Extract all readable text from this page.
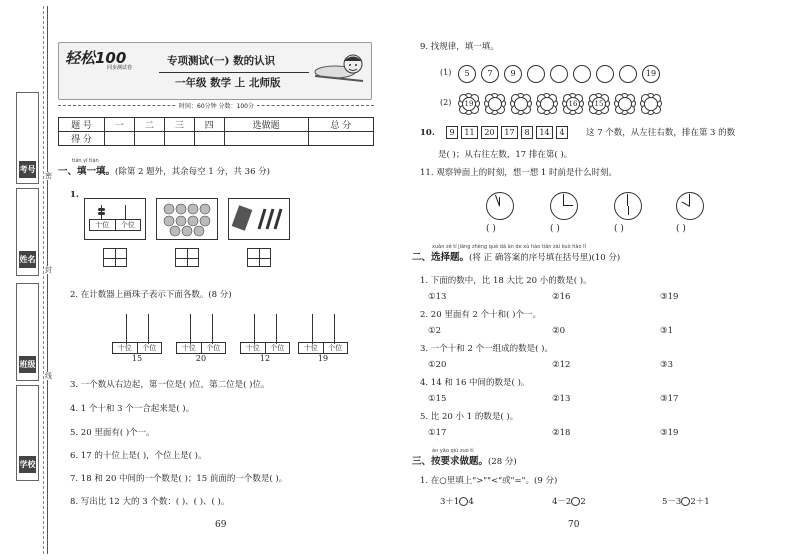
考号
姓名
班级
学校
密
封
线
轻松100
同步测试卷
专项测试(一) 数的认识
一年级 数学 上 北师版
时间：60分钟 分数：100分
题 号	一	二	三	四	选做题	总 分
得 分						
tián yī tián
一、填一填。(除第 2 题外，其余每空 1 分，共 36 分)
1.
十位	个位
2. 在计数器上画珠子表示下面各数。(8 分)
十位	个位
15
十位	个位
20
十位	个位
12
十位	个位
19
3. 一个数从右边起，第一位是( )位，第二位是( )位。
4. 1 个十和 3 个一合起来是( )。
5. 20 里面有( )个一。
6. 17 的十位上是( )，个位上是( )。
7. 18 和 20 中间的一个数是( )；15 前面的一个数是( )。
8. 写出比 12 大的 3 个数：( )、( )、( )。
69
9. 找规律，填一填。
(1)	5	7	9	19
(2)	19	16	15
10.	9	11	20	17	8	14	4	这 7 个数，从左往右数，排在第 3 的数
是( )；从右往左数，17 排在第( )。
11. 观察钟面上的时刻，想一想 1 时前是什么时刻。
( )	( )	( )	( )
xuǎn zé tí jiāng zhèng què dá àn de xù hào tián zài kuò hào lǐ
二、选择题。(将 正 确答案的序号填在括号里)(10 分)
1. 下面的数中，比 18 大比 20 小的数是( )。
①13	②16	③19
2. 20 里面有 2 个十和( )个一。
①2	②0	③1
3. 一个十和 2 个一组成的数是( )。
①20	②12	③3
4. 14 和 16 中间的数是( )。
①15	②13	③17
5. 比 20 小 1 的数是( )。
①17	②18	③19
àn yāo qiú zuò tí
三、按要求做题。(28 分)
1. 在○里填上">""<"或"="。(9 分)
3＋1 4	4－2 2	5－3 2＋1
70
